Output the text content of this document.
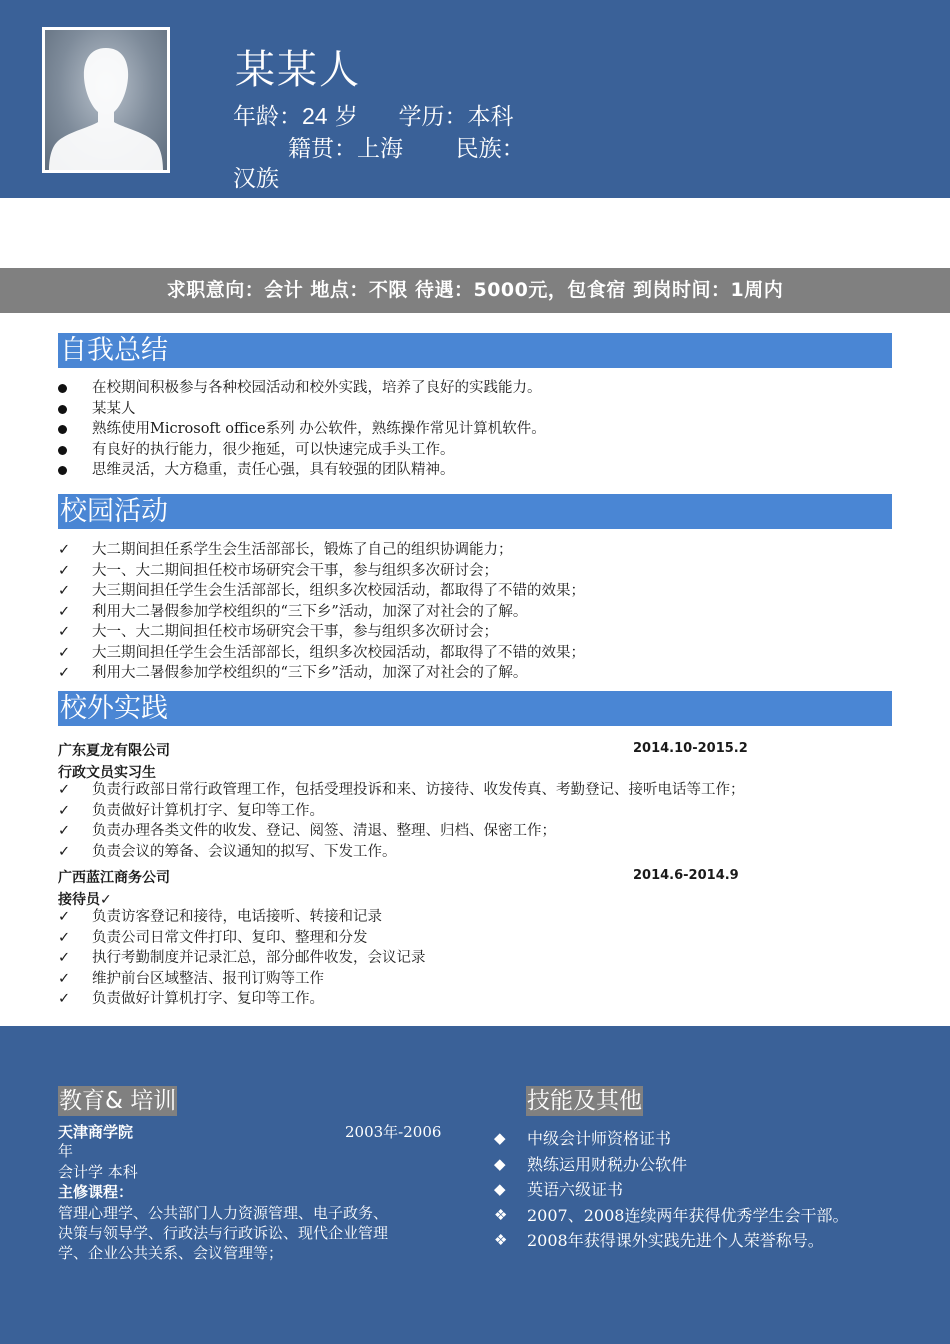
某某人
年龄：24 岁 学历：本科
籍贯：上海 民族：
汉族
求职意向：会计 地点：不限 待遇：5000元，包食宿 到岗时间：1周内
自我总结
在校期间积极参与各种校园活动和校外实践，培养了良好的实践能力。
某某人
熟练使用Microsoft office系列 办公软件，熟练操作常见计算机软件。
有良好的执行能力，很少拖延，可以快速完成手头工作。
思维灵活，大方稳重，责任心强，具有较强的团队精神。
校园活动
✓	大二期间担任系学生会生活部部长，锻炼了自己的组织协调能力；
✓	大一、大二期间担任校市场研究会干事，参与组织多次研讨会；
✓	大三期间担任学生会生活部部长，组织多次校园活动，都取得了不错的效果；
✓	利用大二暑假参加学校组织的“三下乡”活动，加深了对社会的了解。
✓	大一、大二期间担任校市场研究会干事，参与组织多次研讨会；
✓	大三期间担任学生会生活部部长，组织多次校园活动，都取得了不错的效果；
✓	利用大二暑假参加学校组织的“三下乡”活动，加深了对社会的了解。
校外实践
广东夏龙有限公司	2014.10-2015.2
行政文员实习生
✓	负责行政部日常行政管理工作，包括受理投诉和来、访接待、收发传真、考勤登记、接听电话等工作；
✓	负责做好计算机打字、复印等工作。
✓	负责办理各类文件的收发、登记、阅签、清退、整理、归档、保密工作；
✓	负责会议的筹备、会议通知的拟写、下发工作。
广西蓝江商务公司	2014.6-2014.9
接待员✓
✓	负责访客登记和接待，电话接听、转接和记录
✓	负责公司日常文件打印、复印、整理和分发
✓	执行考勤制度并记录汇总，部分邮件收发，会议记录
✓	维护前台区域整洁、报刊订购等工作
✓	负责做好计算机打字、复印等工作。
教育& 培训
天津商学院	2003年-2006
年
会计学 本科
主修课程：
管理心理学、公共部门人力资源管理、电子政务、
决策与领导学、行政法与行政诉讼、现代企业管理
学、企业公共关系、会议管理等；
技能及其他
◆	中级会计师资格证书
◆	熟练运用财税办公软件
◆	英语六级证书
❖	2007、2008连续两年获得优秀学生会干部。
❖	2008年获得课外实践先进个人荣誉称号。
